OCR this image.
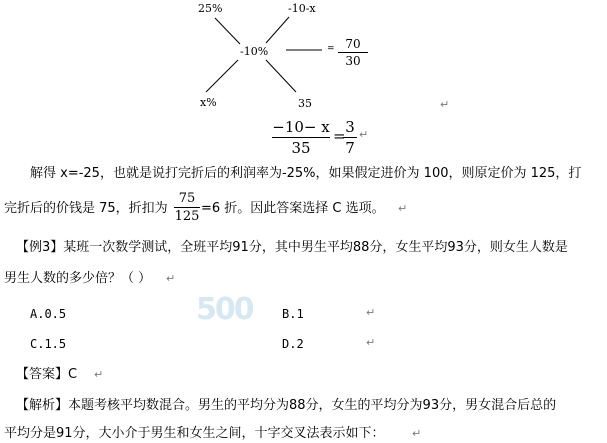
25%	-10-x
-10%
x%	35
= 70
30
↵
−10− x
35
= 3
7
↵
解得 x=-25，也就是说打完折后的利润率为-25%，如果假定进价为 100，则原定价为 125，打
完折后的价钱是 75，折扣为
75
125
=6 折。因此答案选择 C 选项。 ↵
【例3】某班一次数学测试，全班平均91分，其中男生平均88分，女生平均93分，则女生人数是
男生人数的多少倍？（ ） ↵
500
A.0.5	B.1	↵
C.1.5	D.2	↵
【答案】C ↵
【解析】本题考核平均数混合。男生的平均分为88分，女生的平均分为93分，男女混合后总的
平均分是91分，大小介于男生和女生之间，十字交叉法表示如下： ↵
